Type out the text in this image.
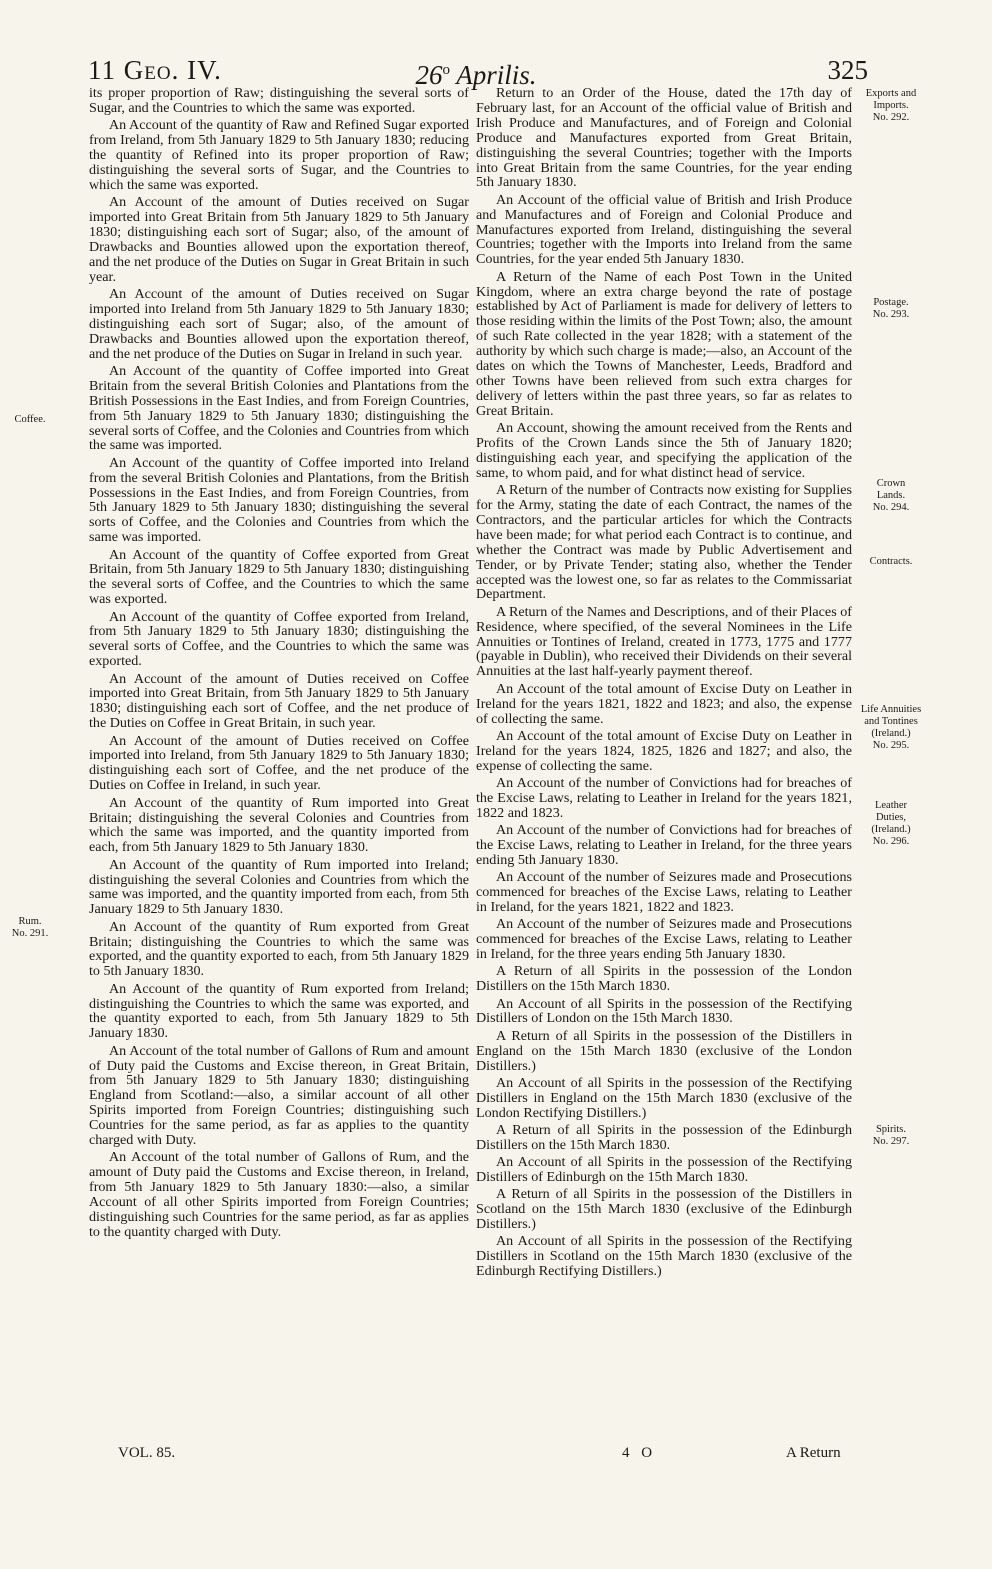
11 Geo. IV.	26$^o$ Aprilis.	325

its proper proportion of Raw; distinguishing the several sorts of Sugar, and the Countries to which the same was exported.

An Account of the quantity of Raw and Refined Sugar exported from Ireland, from 5th January 1829 to 5th January 1830; reducing the quantity of Refined into its proper proportion of Raw; distinguishing the several sorts of Sugar, and the Countries to which the same was exported.

An Account of the amount of Duties received on Sugar imported into Great Britain from 5th January 1829 to 5th January 1830; distinguishing each sort of Sugar; also, of the amount of Drawbacks and Bounties allowed upon the exportation thereof, and the net produce of the Duties on Sugar in Great Britain in such year.

An Account of the amount of Duties received on Sugar imported into Ireland from 5th January 1829 to 5th January 1830; distinguishing each sort of Sugar; also, of the amount of Drawbacks and Bounties allowed upon the exportation thereof, and the net produce of the Duties on Sugar in Ireland in such year.

An Account of the quantity of Coffee imported into Great Britain from the several British Colonies and Plantations from the British Possessions in the East Indies, and from Foreign Countries, from 5th January 1829 to 5th January 1830; distinguishing the several sorts of Coffee, and the Colonies and Countries from which the same was imported.

An Account of the quantity of Coffee imported into Ireland from the several British Colonies and Plantations, from the British Possessions in the East Indies, and from Foreign Countries, from 5th January 1829 to 5th January 1830; distinguishing the several sorts of Coffee, and the Colonies and Countries from which the same was imported.

An Account of the quantity of Coffee exported from Great Britain, from 5th January 1829 to 5th January 1830; distinguishing the several sorts of Coffee, and the Countries to which the same was exported.

An Account of the quantity of Coffee exported from Ireland, from 5th January 1829 to 5th January 1830; distinguishing the several sorts of Coffee, and the Countries to which the same was exported.

An Account of the amount of Duties received on Coffee imported into Great Britain, from 5th January 1829 to 5th January 1830; distinguishing each sort of Coffee, and the net produce of the Duties on Coffee in Great Britain, in such year.

An Account of the amount of Duties received on Coffee imported into Ireland, from 5th January 1829 to 5th January 1830; distinguishing each sort of Coffee, and the net produce of the Duties on Coffee in Ireland, in such year.

An Account of the quantity of Rum imported into Great Britain; distinguishing the several Colonies and Countries from which the same was imported, and the quantity imported from each, from 5th January 1829 to 5th January 1830.

An Account of the quantity of Rum imported into Ireland; distinguishing the several Colonies and Countries from which the same was imported, and the quantity imported from each, from 5th January 1829 to 5th January 1830.

An Account of the quantity of Rum exported from Great Britain; distinguishing the Countries to which the same was exported, and the quantity exported to each, from 5th January 1829 to 5th January 1830.

An Account of the quantity of Rum exported from Ireland; distinguishing the Countries to which the same was exported, and the quantity exported to each, from 5th January 1829 to 5th January 1830.

An Account of the total number of Gallons of Rum and amount of Duty paid the Customs and Excise thereon, in Great Britain, from 5th January 1829 to 5th January 1830; distinguishing England from Scotland:—also, a similar account of all other Spirits imported from Foreign Countries; distinguishing such Countries for the same period, as far as applies to the quantity charged with Duty.

An Account of the total number of Gallons of Rum, and the amount of Duty paid the Customs and Excise thereon, in Ireland, from 5th January 1829 to 5th January 1830:—also, a similar Account of all other Spirits imported from Foreign Countries; distinguishing such Countries for the same period, as far as applies to the quantity charged with Duty.

Return to an Order of the House, dated the 17th day of February last, for an Account of the official value of British and Irish Produce and Manufactures, and of Foreign and Colonial Produce and Manufactures exported from Great Britain, distinguishing the several Countries; together with the Imports into Great Britain from the same Countries, for the year ending 5th January 1830.

An Account of the official value of British and Irish Produce and Manufactures and of Foreign and Colonial Produce and Manufactures exported from Ireland, distinguishing the several Countries; together with the Imports into Ireland from the same Countries, for the year ended 5th January 1830.

A Return of the Name of each Post Town in the United Kingdom, where an extra charge beyond the rate of postage established by Act of Parliament is made for delivery of letters to those residing within the limits of the Post Town; also, the amount of such Rate collected in the year 1828; with a statement of the authority by which such charge is made;—also, an Account of the dates on which the Towns of Manchester, Leeds, Bradford and other Towns have been relieved from such extra charges for delivery of letters within the past three years, so far as relates to Great Britain.

An Account, showing the amount received from the Rents and Profits of the Crown Lands since the 5th of January 1820; distinguishing each year, and specifying the application of the same, to whom paid, and for what distinct head of service.

A Return of the number of Contracts now existing for Supplies for the Army, stating the date of each Contract, the names of the Contractors, and the particular articles for which the Contracts have been made; for what period each Contract is to continue, and whether the Contract was made by Public Advertisement and Tender, or by Private Tender; stating also, whether the Tender accepted was the lowest one, so far as relates to the Commissariat Department.

A Return of the Names and Descriptions, and of their Places of Residence, where specified, of the several Nominees in the Life Annuities or Tontines of Ireland, created in 1773, 1775 and 1777 (payable in Dublin), who received their Dividends on their several Annuities at the last half-yearly payment thereof.

An Account of the total amount of Excise Duty on Leather in Ireland for the years 1821, 1822 and 1823; and also, the expense of collecting the same.

An Account of the total amount of Excise Duty on Leather in Ireland for the years 1824, 1825, 1826 and 1827; and also, the expense of collecting the same.

An Account of the number of Convictions had for breaches of the Excise Laws, relating to Leather in Ireland for the years 1821, 1822 and 1823.

An Account of the number of Convictions had for breaches of the Excise Laws, relating to Leather in Ireland, for the three years ending 5th January 1830.

An Account of the number of Seizures made and Prosecutions commenced for breaches of the Excise Laws, relating to Leather in Ireland, for the years 1821, 1822 and 1823.

An Account of the number of Seizures made and Prosecutions commenced for breaches of the Excise Laws, relating to Leather in Ireland, for the three years ending 5th January 1830.

A Return of all Spirits in the possession of the London Distillers on the 15th March 1830.

An Account of all Spirits in the possession of the Rectifying Distillers of London on the 15th March 1830.

A Return of all Spirits in the possession of the Distillers in England on the 15th March 1830 (exclusive of the London Distillers.)

An Account of all Spirits in the possession of the Rectifying Distillers in England on the 15th March 1830 (exclusive of the London Rectifying Distillers.)

A Return of all Spirits in the possession of the Edinburgh Distillers on the 15th March 1830.

An Account of all Spirits in the possession of the Rectifying Distillers of Edinburgh on the 15th March 1830.

A Return of all Spirits in the possession of the Distillers in Scotland on the 15th March 1830 (exclusive of the Edinburgh Distillers.)

An Account of all Spirits in the possession of the Rectifying Distillers in Scotland on the 15th March 1830 (exclusive of the Edinburgh Rectifying Distillers.)

Coffee.
Rum.
No. 291.
Exports and
Imports.
No. 292.
Postage.
No. 293.
Crown
Lands.
No. 294.
Contracts.
Life Annuities
and Tontines
(Ireland.)
No. 295.
Leather
Duties,
(Ireland.)
No. 296.
Spirits.
No. 297.
VOL. 85.	4 O	A Return
